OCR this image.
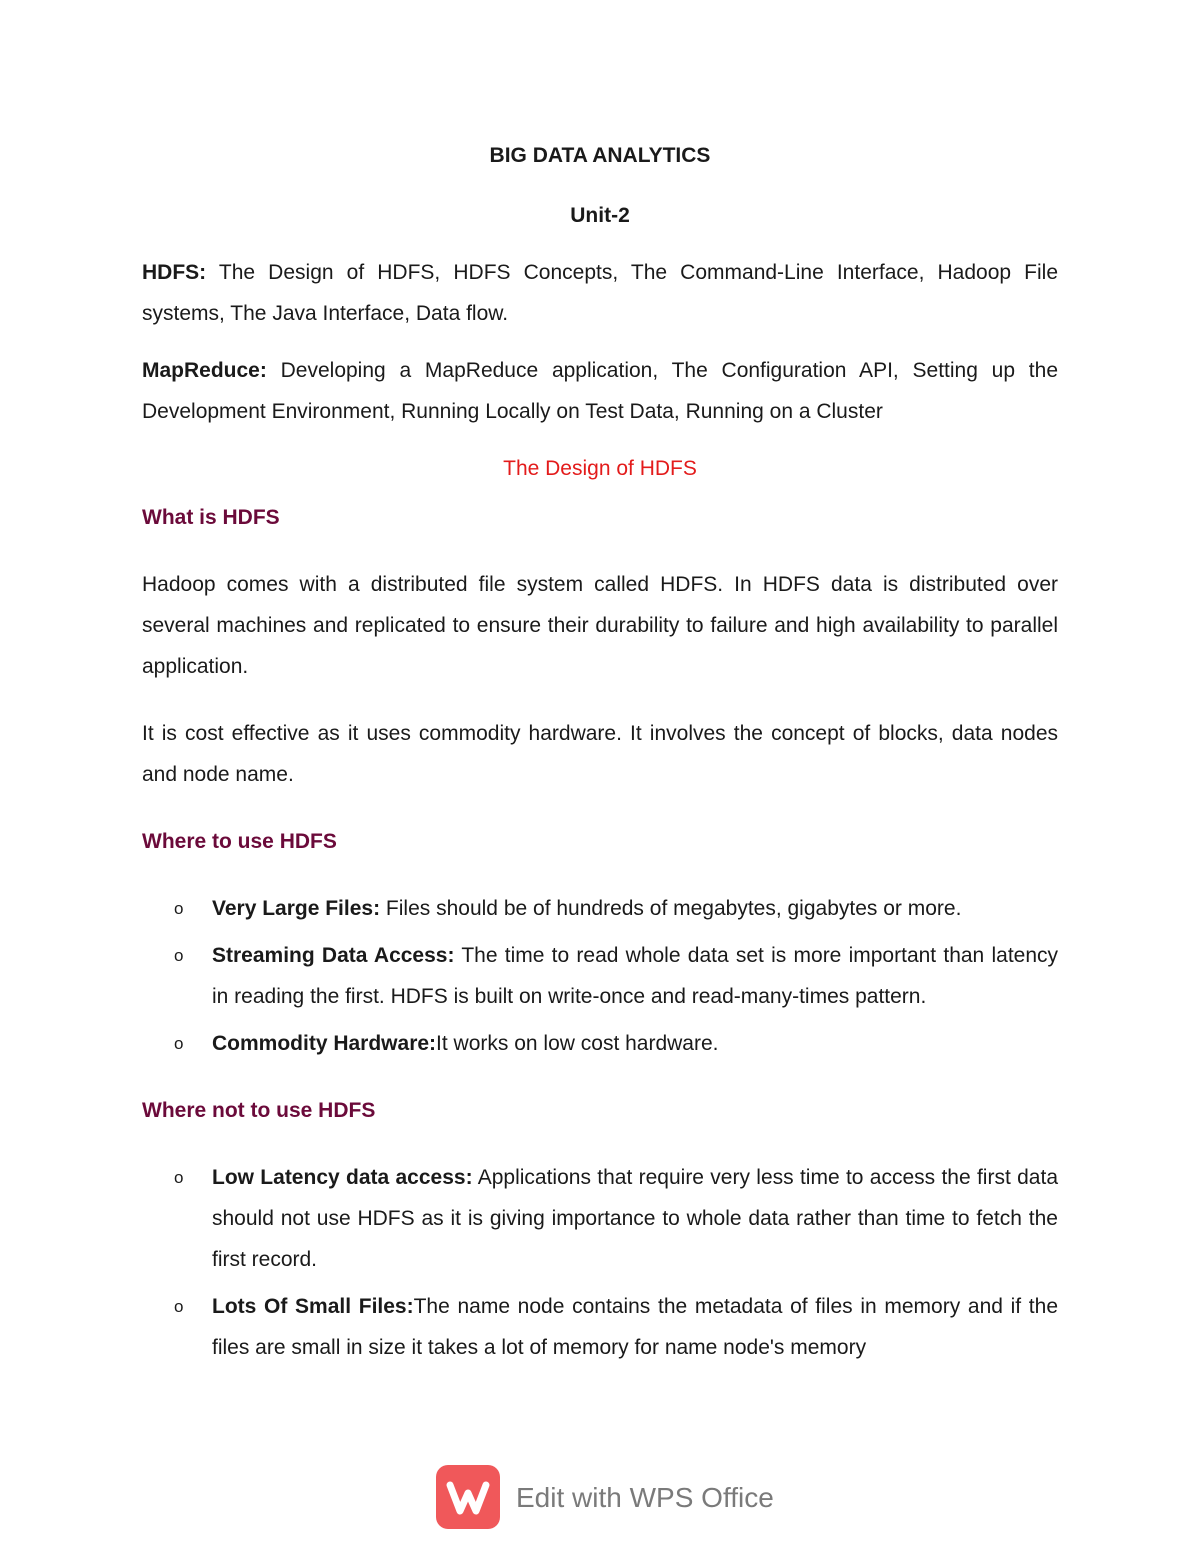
BIG DATA ANALYTICS
Unit-2

HDFS: The Design of HDFS, HDFS Concepts, The Command-Line Interface, Hadoop File systems, The Java Interface, Data flow.

MapReduce: Developing a MapReduce application, The Configuration API, Setting up the Development Environment, Running Locally on Test Data, Running on a Cluster

The Design of HDFS
What is HDFS

Hadoop comes with a distributed file system called HDFS. In HDFS data is distributed over several machines and replicated to ensure their durability to failure and high availability to parallel application.

It is cost effective as it uses commodity hardware. It involves the concept of blocks, data nodes and node name.

Where to use HDFS
o Very Large Files: Files should be of hundreds of megabytes, gigabytes or more.
o Streaming Data Access: The time to read whole data set is more important than latency in reading the first. HDFS is built on write-once and read-many-times pattern.
o Commodity Hardware:It works on low cost hardware.
Where not to use HDFS
o Low Latency data access: Applications that require very less time to access the first data should not use HDFS as it is giving importance to whole data rather than time to fetch the first record.
o Lots Of Small Files:The name node contains the metadata of files in memory and if the files are small in size it takes a lot of memory for name node's memory
Edit with WPS Office
